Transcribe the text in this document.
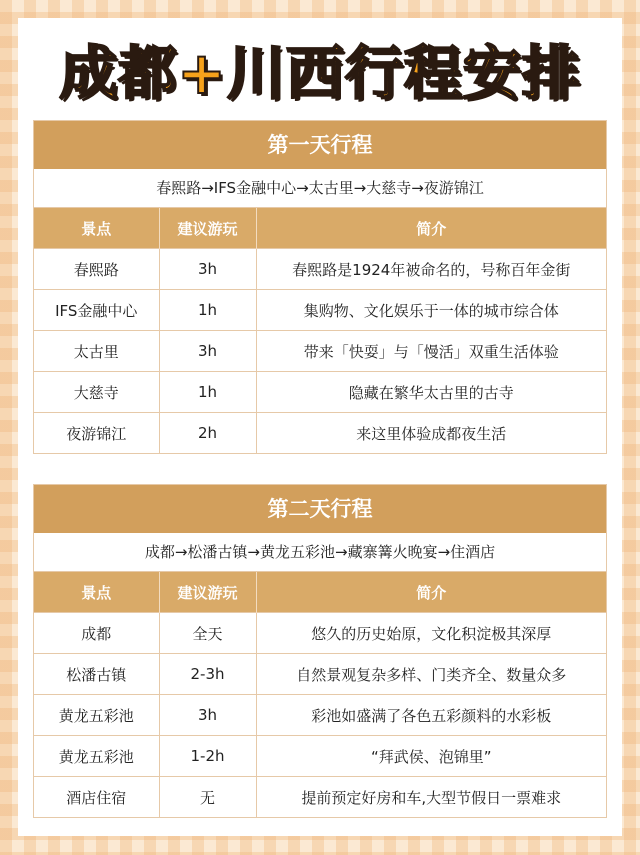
成都+川西行程安排
第一天行程
春熙路→IFS金融中心→太古里→大慈寺→夜游锦江
景点	建议游玩	简介
春熙路	3h	春熙路是1924年被命名的，号称百年金街
IFS金融中心	1h	集购物、文化娱乐于一体的城市综合体
太古里	3h	带来「快耍」与「慢活」双重生活体验
大慈寺	1h	隐藏在繁华太古里的古寺
夜游锦江	2h	来这里体验成都夜生活
第二天行程
成都→松潘古镇→黄龙五彩池→藏寨篝火晚宴→住酒店
景点	建议游玩	简介
成都	全天	悠久的历史始原，文化积淀极其深厚
松潘古镇	2-3h	自然景观复杂多样、门类齐全、数量众多
黄龙五彩池	3h	彩池如盛满了各色五彩颜料的水彩板
黄龙五彩池	1-2h	“拜武侯、泡锦里”
酒店住宿	无	提前预定好房和车,大型节假日一票难求
